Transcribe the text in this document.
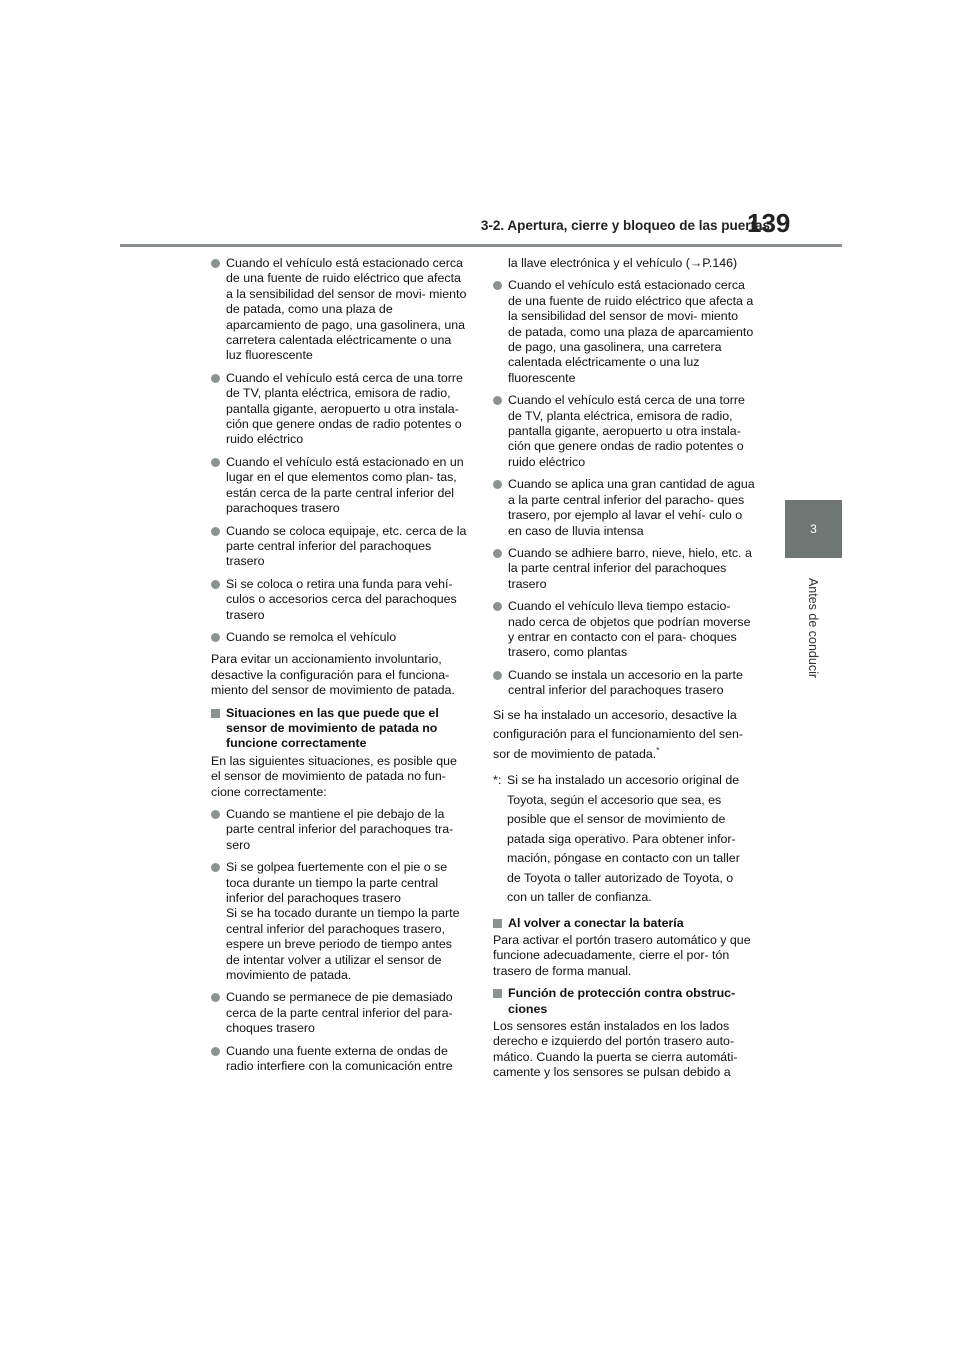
3-2. Apertura, cierre y bloqueo de las puertas
139
3
Antes de conducir
Cuando el vehículo está estacionado cerca de una fuente de ruido eléctrico que afecta a la sensibilidad del sensor de movi- miento de patada, como una plaza de aparcamiento de pago, una gasolinera, una carretera calentada eléctricamente o una luz fluorescente
Cuando el vehículo está cerca de una torre de TV, planta eléctrica, emisora de radio, pantalla gigante, aeropuerto u otra instala- ción que genere ondas de radio potentes o ruido eléctrico
Cuando el vehículo está estacionado en un lugar en el que elementos como plan- tas, están cerca de la parte central inferior del parachoques trasero
Cuando se coloca equipaje, etc. cerca de la parte central inferior del parachoques trasero
Si se coloca o retira una funda para vehí- culos o accesorios cerca del parachoques trasero
Cuando se remolca el vehículo
Para evitar un accionamiento involuntario, desactive la configuración para el funciona- miento del sensor de movimiento de patada.
Situaciones en las que puede que el sensor de movimiento de patada no funcione correctamente
En las siguientes situaciones, es posible que el sensor de movimiento de patada no fun- cione correctamente:
Cuando se mantiene el pie debajo de la parte central inferior del parachoques tra- sero
Si se golpea fuertemente con el pie o se toca durante un tiempo la parte central inferior del parachoques trasero
Si se ha tocado durante un tiempo la parte central inferior del parachoques trasero, espere un breve periodo de tiempo antes de intentar volver a utilizar el sensor de movimiento de patada.
Cuando se permanece de pie demasiado cerca de la parte central inferior del para- choques trasero
Cuando una fuente externa de ondas de radio interfiere con la comunicación entre
la llave electrónica y el vehículo (→P.146)
Cuando el vehículo está estacionado cerca de una fuente de ruido eléctrico que afecta a la sensibilidad del sensor de movi- miento de patada, como una plaza de aparcamiento de pago, una gasolinera, una carretera calentada eléctricamente o una luz fluorescente
Cuando el vehículo está cerca de una torre de TV, planta eléctrica, emisora de radio, pantalla gigante, aeropuerto u otra instala- ción que genere ondas de radio potentes o ruido eléctrico
Cuando se aplica una gran cantidad de agua a la parte central inferior del paracho- ques trasero, por ejemplo al lavar el vehí- culo o en caso de lluvia intensa
Cuando se adhiere barro, nieve, hielo, etc. a la parte central inferior del parachoques trasero
Cuando el vehículo lleva tiempo estacio- nado cerca de objetos que podrían moverse y entrar en contacto con el para- choques trasero, como plantas
Cuando se instala un accesorio en la parte central inferior del parachoques trasero
Si se ha instalado un accesorio, desactive la configuración para el funcionamiento del sen- sor de movimiento de patada.*
*: Si se ha instalado un accesorio original de Toyota, según el accesorio que sea, es posible que el sensor de movimiento de patada siga operativo. Para obtener infor- mación, póngase en contacto con un taller de Toyota o taller autorizado de Toyota, o con un taller de confianza.
Al volver a conectar la batería
Para activar el portón trasero automático y que funcione adecuadamente, cierre el por- tón trasero de forma manual.
Función de protección contra obstruc- ciones
Los sensores están instalados en los lados derecho e izquierdo del portón trasero auto- mático. Cuando la puerta se cierra automáti- camente y los sensores se pulsan debido a
